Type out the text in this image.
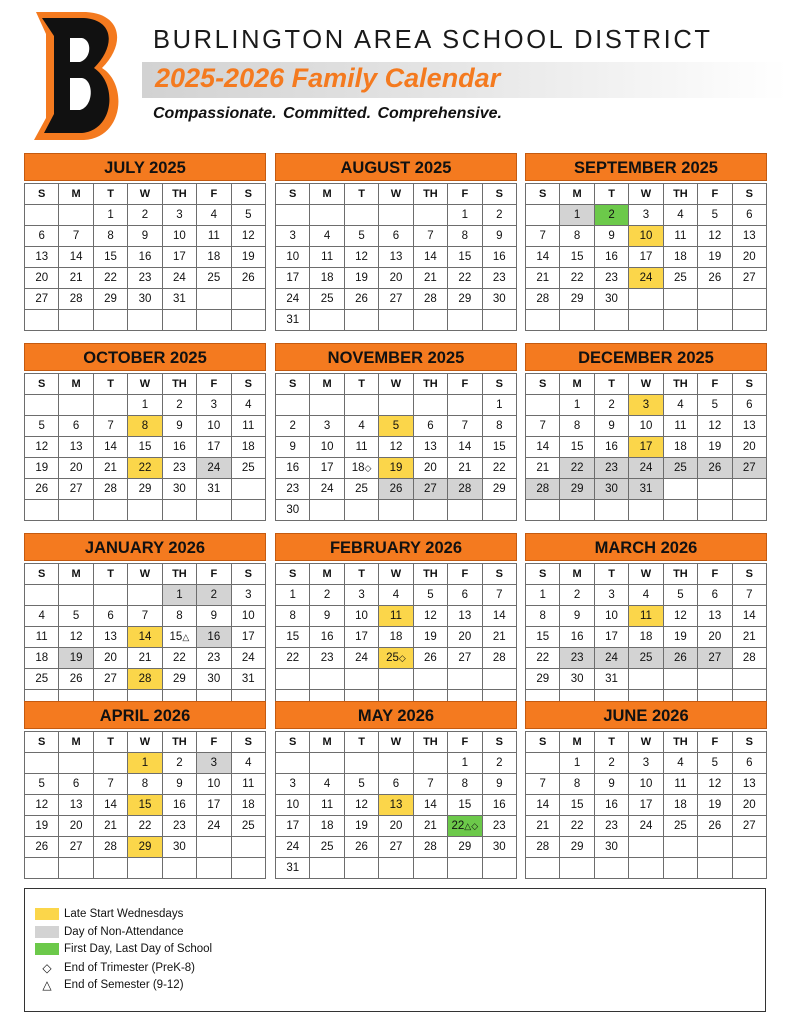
BURLINGTON AREA SCHOOL DISTRICT
2025-2026 Family Calendar
Compassionate. Committed. Comprehensive.
JULY 2025
S	M	T	W	TH	F	S
		1	2	3	4	5
6	7	8	9	10	11	12
13	14	15	16	17	18	19
20	21	22	23	24	25	26
27	28	29	30	31		

AUGUST 2025
S	M	T	W	TH	F	S
					1	2
3	4	5	6	7	8	9
10	11	12	13	14	15	16
17	18	19	20	21	22	23
24	25	26	27	28	29	30
31						
SEPTEMBER 2025
S	M	T	W	TH	F	S
	1	2	3	4	5	6
7	8	9	10	11	12	13
14	15	16	17	18	19	20
21	22	23	24	25	26	27
28	29	30				

OCTOBER 2025
S	M	T	W	TH	F	S
			1	2	3	4
5	6	7	8	9	10	11
12	13	14	15	16	17	18
19	20	21	22	23	24	25
26	27	28	29	30	31	

NOVEMBER 2025
S	M	T	W	TH	F	S
						1
2	3	4	5	6	7	8
9	10	11	12	13	14	15
16	17	18◇	19	20	21	22
23	24	25	26	27	28	29
30						
DECEMBER 2025
S	M	T	W	TH	F	S
	1	2	3	4	5	6
7	8	9	10	11	12	13
14	15	16	17	18	19	20
21	22	23	24	25	26	27
28	29	30	31			

JANUARY 2026
S	M	T	W	TH	F	S
				1	2	3
4	5	6	7	8	9	10
11	12	13	14	15△	16	17
18	19	20	21	22	23	24
25	26	27	28	29	30	31

FEBRUARY 2026
S	M	T	W	TH	F	S
1	2	3	4	5	6	7
8	9	10	11	12	13	14
15	16	17	18	19	20	21
22	23	24	25◇	26	27	28

MARCH 2026
S	M	T	W	TH	F	S
1	2	3	4	5	6	7
8	9	10	11	12	13	14
15	16	17	18	19	20	21
22	23	24	25	26	27	28
29	30	31				

APRIL 2026
S	M	T	W	TH	F	S
			1	2	3	4
5	6	7	8	9	10	11
12	13	14	15	16	17	18
19	20	21	22	23	24	25
26	27	28	29	30		

MAY 2026
S	M	T	W	TH	F	S
					1	2
3	4	5	6	7	8	9
10	11	12	13	14	15	16
17	18	19	20	21	22△◇	23
24	25	26	27	28	29	30
31						
JUNE 2026
S	M	T	W	TH	F	S
	1	2	3	4	5	6
7	8	9	10	11	12	13
14	15	16	17	18	19	20
21	22	23	24	25	26	27
28	29	30				

Late Start Wednesdays
Day of Non-Attendance
First Day, Last Day of School
◇	End of Trimester (PreK-8)
△	End of Semester (9-12)
